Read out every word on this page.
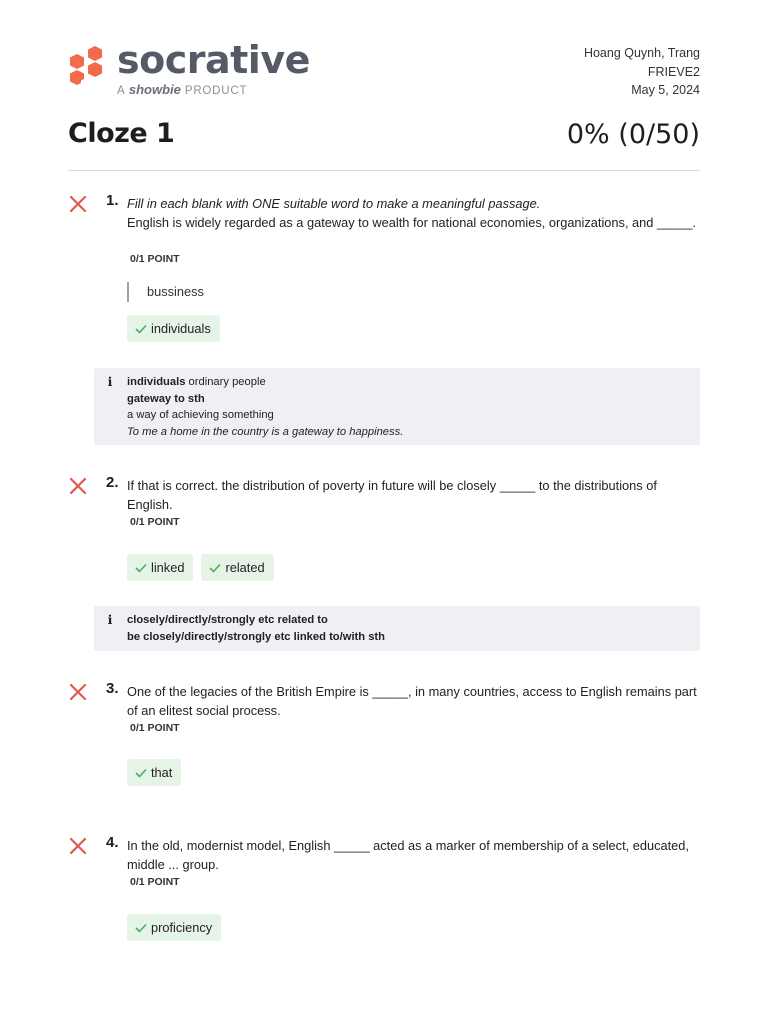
socrative
A showbie PRODUCT
Hoang Quynh, Trang
FRIEVE2
May 5, 2024
Cloze 1	0% (0/50)
1. Fill in each blank with ONE suitable word to make a meaningful passage.
English is widely regarded as a gateway to wealth for national economies, organizations, and _____.
0/1 POINT
bussiness
individuals
i	individuals ordinary people
gateway to sth
a way of achieving something
To me a home in the country is a gateway to happiness.
2. If that is correct. the distribution of poverty in future will be closely _____ to the distributions of English.
0/1 POINT
linked	related
i	closely/directly/strongly etc related to
be closely/directly/strongly etc linked to/with sth
3. One of the legacies of the British Empire is _____, in many countries, access to English remains part of an elitest social process.
0/1 POINT
that
4. In the old, modernist model, English _____ acted as a marker of membership of a select, educated, middle ... group.
0/1 POINT
proficiency
